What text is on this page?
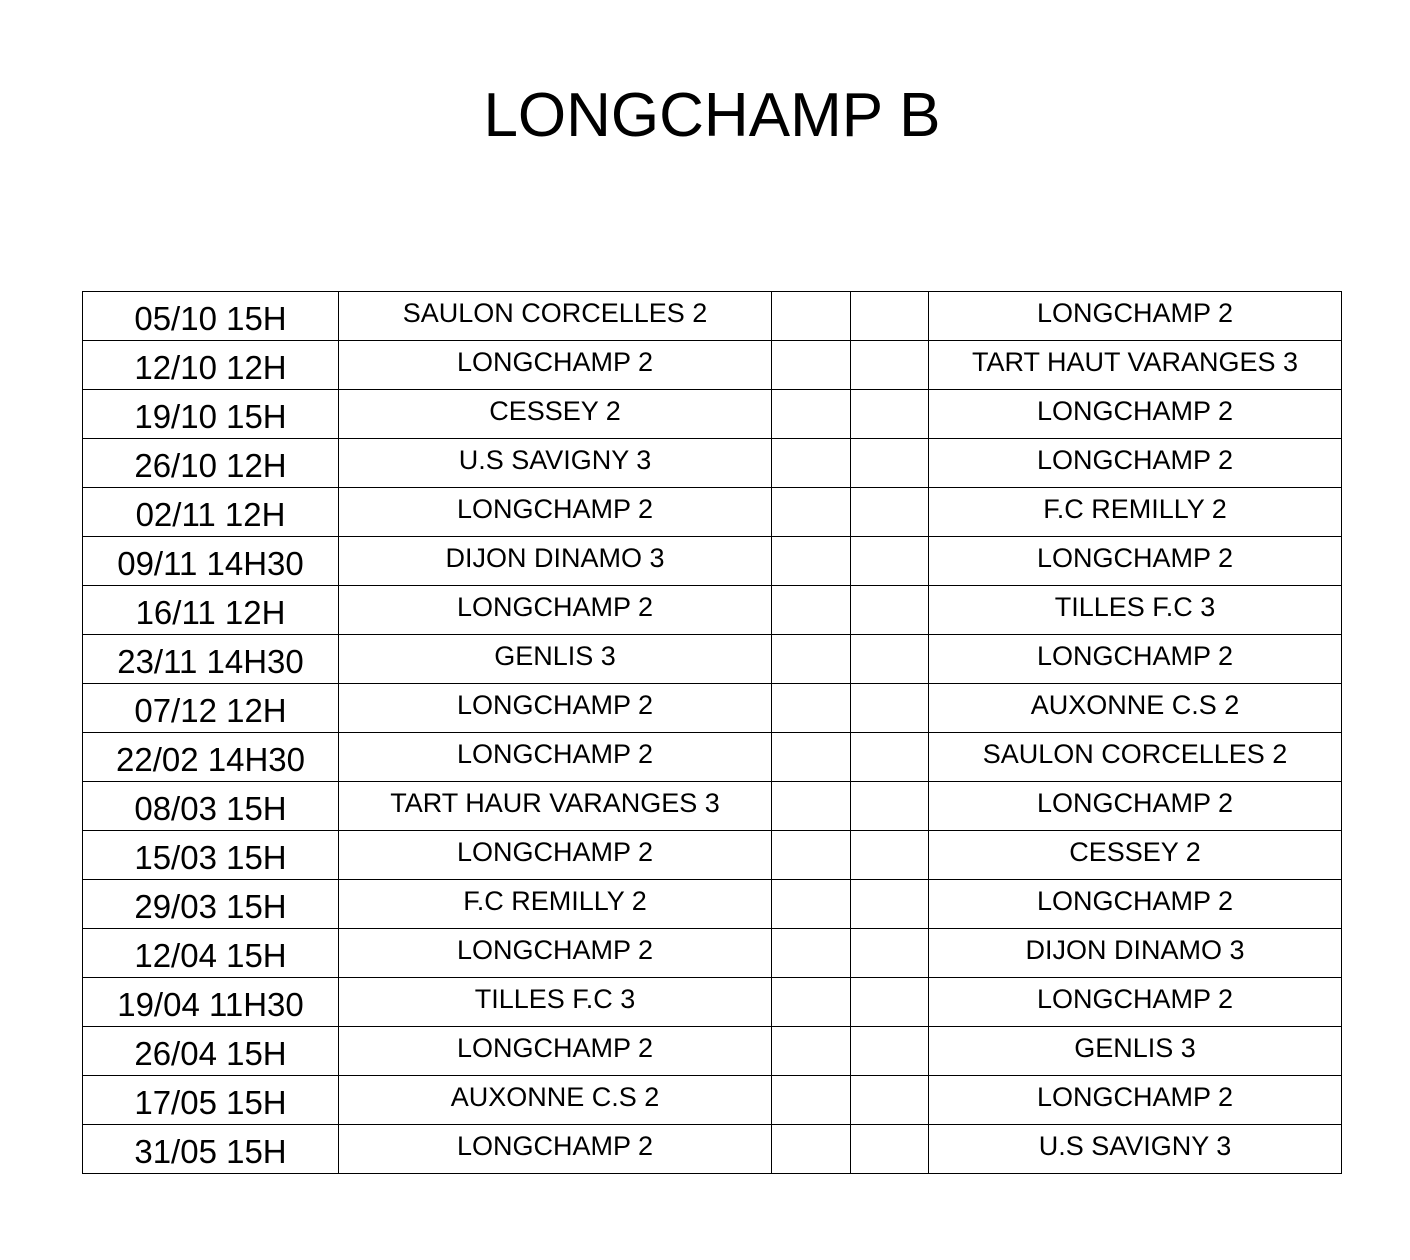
LONGCHAMP B
05/10 15H	SAULON CORCELLES 2			LONGCHAMP 2
12/10 12H	LONGCHAMP 2			TART HAUT VARANGES 3
19/10 15H	CESSEY 2			LONGCHAMP 2
26/10 12H	U.S SAVIGNY 3			LONGCHAMP 2
02/11 12H	LONGCHAMP 2			F.C REMILLY 2
09/11 14H30	DIJON DINAMO 3			LONGCHAMP 2
16/11 12H	LONGCHAMP 2			TILLES F.C 3
23/11 14H30	GENLIS 3			LONGCHAMP 2
07/12 12H	LONGCHAMP 2			AUXONNE C.S 2
22/02 14H30	LONGCHAMP 2			SAULON CORCELLES 2
08/03 15H	TART HAUR VARANGES 3			LONGCHAMP 2
15/03 15H	LONGCHAMP 2			CESSEY 2
29/03 15H	F.C REMILLY 2			LONGCHAMP 2
12/04 15H	LONGCHAMP 2			DIJON DINAMO 3
19/04 11H30	TILLES F.C 3			LONGCHAMP 2
26/04 15H	LONGCHAMP 2			GENLIS 3
17/05 15H	AUXONNE C.S 2			LONGCHAMP 2
31/05 15H	LONGCHAMP 2			U.S SAVIGNY 3
